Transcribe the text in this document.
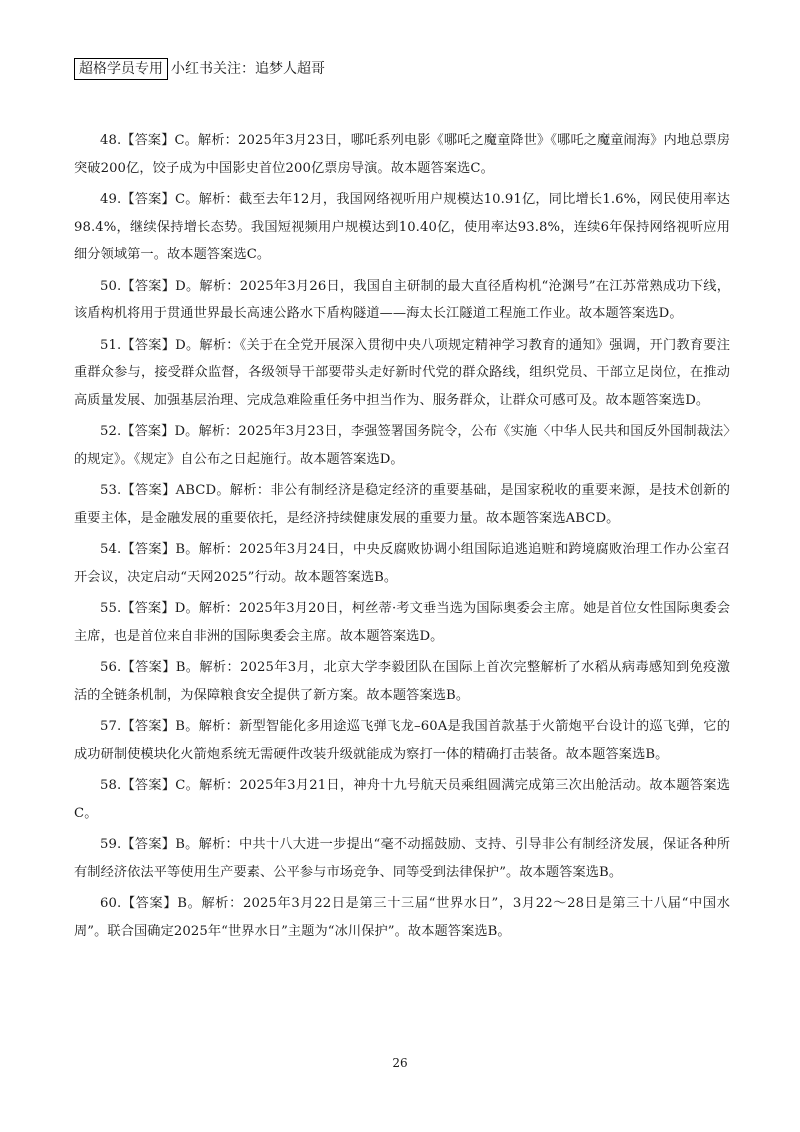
超格学员专用 小红书关注：追梦人超哥

48.【答案】C。解析：2025年3月23日，哪吒系列电影《哪吒之魔童降世》《哪吒之魔童闹海》内地总票房突破200亿，饺子成为中国影史首位200亿票房导演。故本题答案选C。

49.【答案】C。解析：截至去年12月，我国网络视听用户规模达10.91亿，同比增长1.6%，网民使用率达98.4%，继续保持增长态势。我国短视频用户规模达到10.40亿，使用率达93.8%，连续6年保持网络视听应用细分领域第一。故本题答案选C。

50.【答案】D。解析：2025年3月26日，我国自主研制的最大直径盾构机“沧渊号”在江苏常熟成功下线，该盾构机将用于贯通世界最长高速公路水下盾构隧道——海太长江隧道工程施工作业。故本题答案选D。

51.【答案】D。解析：《关于在全党开展深入贯彻中央八项规定精神学习教育的通知》强调，开门教育要注重群众参与，接受群众监督，各级领导干部要带头走好新时代党的群众路线，组织党员、干部立足岗位，在推动高质量发展、加强基层治理、完成急难险重任务中担当作为、服务群众，让群众可感可及。故本题答案选D。

52.【答案】D。解析：2025年3月23日，李强签署国务院令，公布《实施〈中华人民共和国反外国制裁法〉的规定》。《规定》自公布之日起施行。故本题答案选D。

53.【答案】ABCD。解析：非公有制经济是稳定经济的重要基础，是国家税收的重要来源，是技术创新的重要主体，是金融发展的重要依托，是经济持续健康发展的重要力量。故本题答案选ABCD。

54.【答案】B。解析：2025年3月24日，中央反腐败协调小组国际追逃追赃和跨境腐败治理工作办公室召开会议，决定启动“天网2025”行动。故本题答案选B。

55.【答案】D。解析：2025年3月20日，柯丝蒂·考文垂当选为国际奥委会主席。她是首位女性国际奥委会主席，也是首位来自非洲的国际奥委会主席。故本题答案选D。

56.【答案】B。解析：2025年3月，北京大学李毅团队在国际上首次完整解析了水稻从病毒感知到免疫激活的全链条机制，为保障粮食安全提供了新方案。故本题答案选B。

57.【答案】B。解析：新型智能化多用途巡飞弹飞龙–60A是我国首款基于火箭炮平台设计的巡飞弹，它的成功研制使模块化火箭炮系统无需硬件改装升级就能成为察打一体的精确打击装备。故本题答案选B。

58.【答案】C。解析：2025年3月21日，神舟十九号航天员乘组圆满完成第三次出舱活动。故本题答案选C。

59.【答案】B。解析：中共十八大进一步提出“毫不动摇鼓励、支持、引导非公有制经济发展，保证各种所有制经济依法平等使用生产要素、公平参与市场竞争、同等受到法律保护”。故本题答案选B。

60.【答案】B。解析：2025年3月22日是第三十三届“世界水日”，3月22～28日是第三十八届“中国水周”。联合国确定2025年“世界水日”主题为“冰川保护”。故本题答案选B。

26
